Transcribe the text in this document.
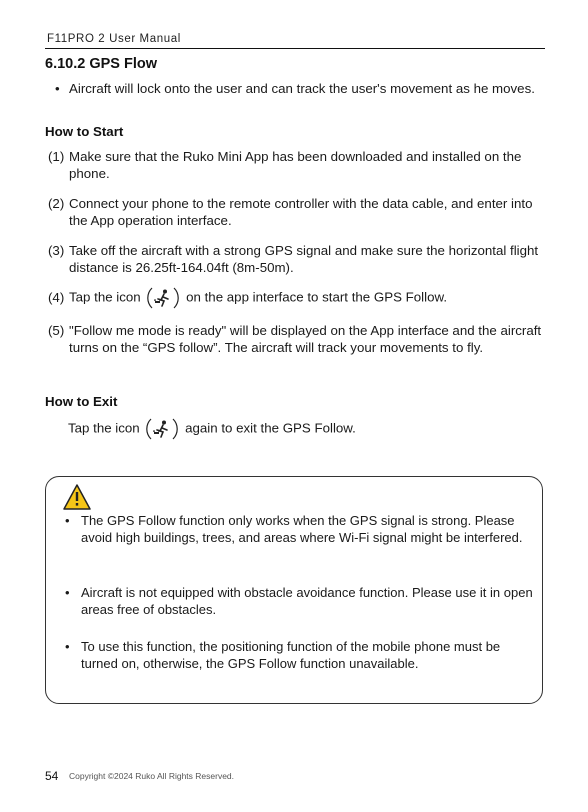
F11PRO 2 User Manual
6.10.2 GPS Flow
• Aircraft will lock onto the user and can track the user's movement as he moves.
How to Start
(1) Make sure that the Ruko Mini App has been downloaded and installed on the phone.
(2) Connect your phone to the remote controller with the data cable, and enter into the App operation interface.
(3) Take off the aircraft with a strong GPS signal and make sure the horizontal flight distance is 26.25ft-164.04ft (8m-50m).
(4) Tap the icon	on the app interface to start the GPS Follow.
(5) "Follow me mode is ready" will be displayed on the App interface and the aircraft turns on the “GPS follow”. The aircraft will track your movements to fly.
How to Exit
Tap the icon	again to exit the GPS Follow.
• The GPS Follow function only works when the GPS signal is strong. Please avoid high buildings, trees, and areas where Wi-Fi signal might be interfered.
• Aircraft is not equipped with obstacle avoidance function. Please use it in open areas free of obstacles.
• To use this function, the positioning function of the mobile phone must be turned on, otherwise, the GPS Follow function unavailable.
54 Copyright ©2024 Ruko All Rights Reserved.
